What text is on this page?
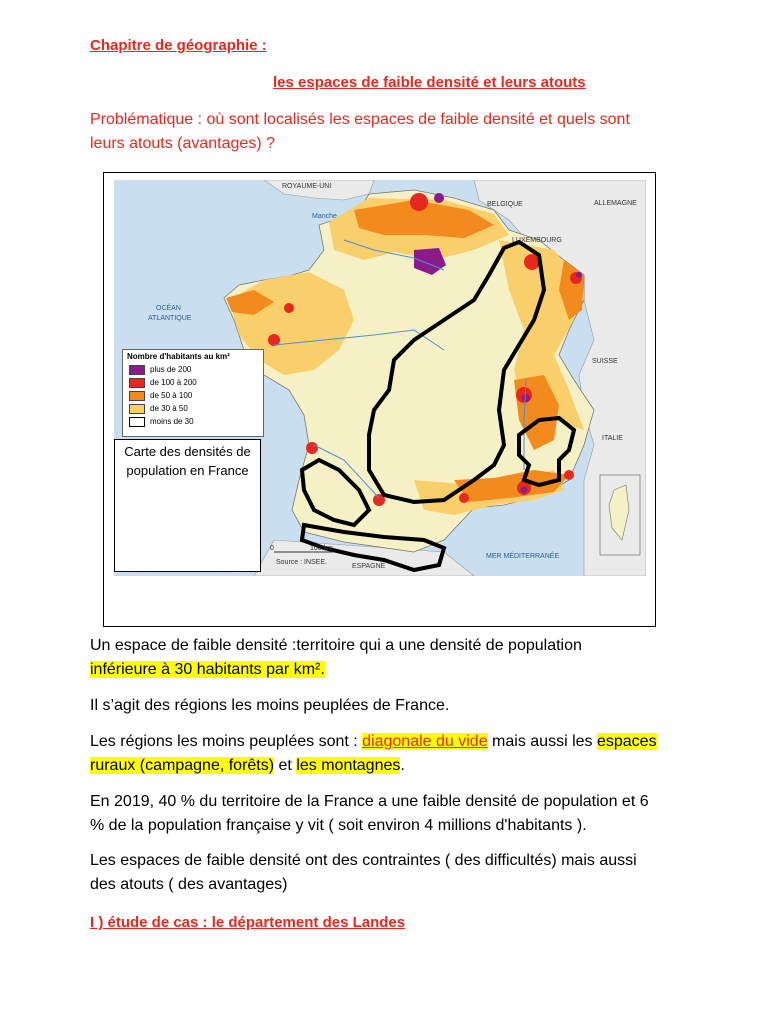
Chapitre de géographie :
les espaces de faible densité et leurs atouts
Problématique : où sont localisés les espaces de faible densité et quels sont
leurs atouts (avantages) ?
ROYAUME-UNI
Manche
BELGIQUE	ALLEMAGNE
LUXEMBOURG
OCÉAN
ATLANTIQUE
SUISSE
ITALIE
ESPAGNE
MER MÉDITERRANÉE
0	100 km
Source : INSEE.
Nombre d'habitants au km²
plus de 200
de 100 à 200
de 50 à 100
de 30 à 50
moins de 30
Carte des densités de population en France
Un espace de faible densité :territoire qui a une densité de population
inférieure à 30 habitants par km².
Il s’agit des régions les moins peuplées de France.
Les régions les moins peuplées sont : diagonale du vide mais aussi les espaces
ruraux (campagne, forêts) et les montagnes.
En 2019, 40 % du territoire de la France a une faible densité de population et 6
% de la population française y vit ( soit environ 4 millions d'habitants ).
Les espaces de faible densité ont des contraintes ( des difficultés) mais aussi
des atouts ( des avantages)
I ) étude de cas : le département des Landes
